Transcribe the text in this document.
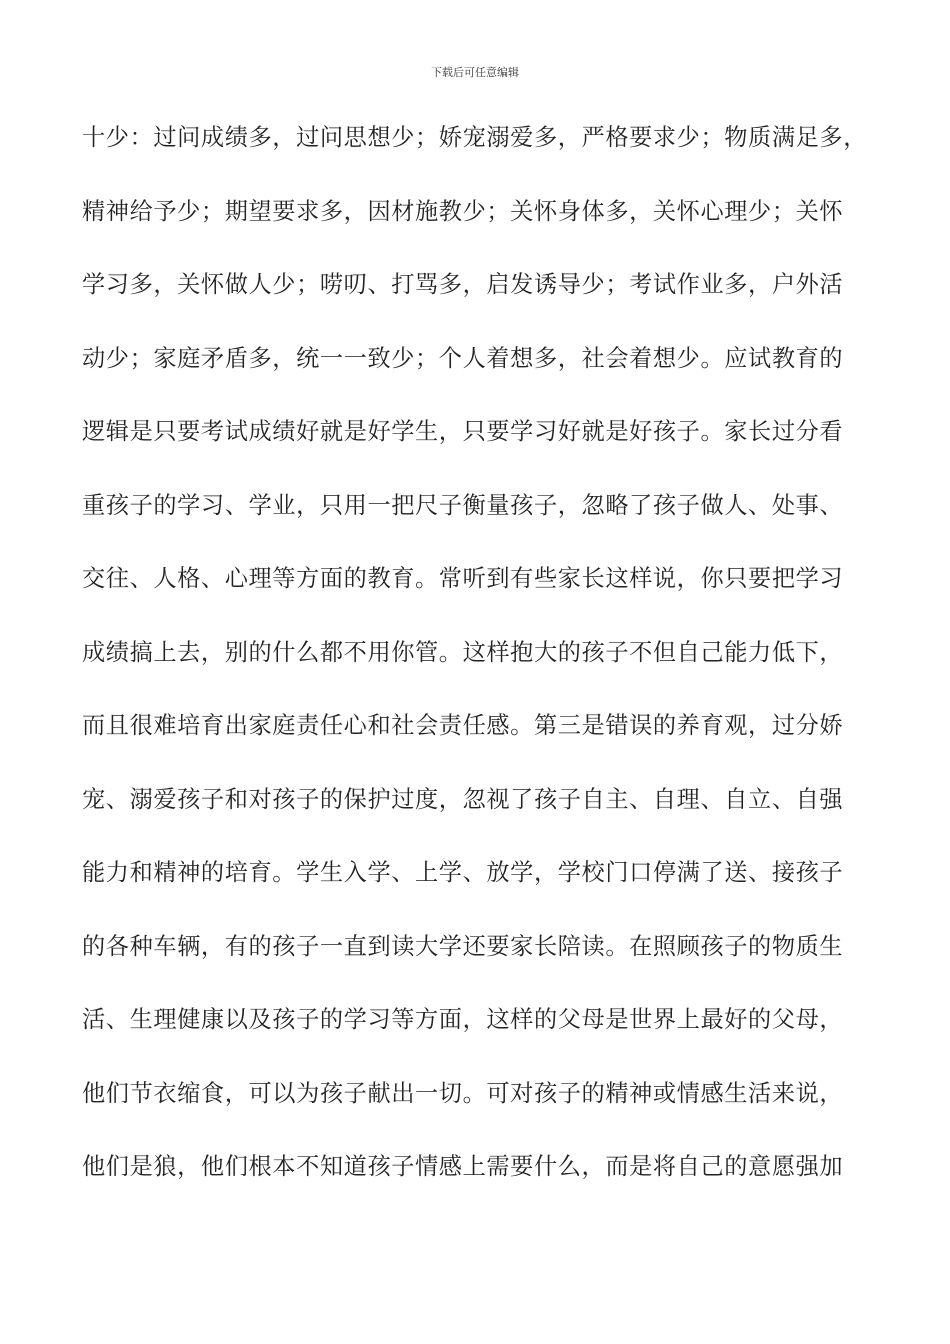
下载后可任意编辑
十少：过问成绩多，过问思想少；娇宠溺爱多，严格要求少；物质满足多，
精神给予少；期望要求多，因材施教少；关怀身体多，关怀心理少；关怀
学习多，关怀做人少；唠叨、打骂多，启发诱导少；考试作业多，户外活
动少；家庭矛盾多，统一一致少；个人着想多，社会着想少。应试教育的
逻辑是只要考试成绩好就是好学生，只要学习好就是好孩子。家长过分看
重孩子的学习、学业，只用一把尺子衡量孩子，忽略了孩子做人、处事、
交往、人格、心理等方面的教育。常听到有些家长这样说，你只要把学习
成绩搞上去，别的什么都不用你管。这样抱大的孩子不但自己能力低下，
而且很难培育出家庭责任心和社会责任感。第三是错误的养育观，过分娇
宠、溺爱孩子和对孩子的保护过度，忽视了孩子自主、自理、自立、自强
能力和精神的培育。学生入学、上学、放学，学校门口停满了送、接孩子
的各种车辆，有的孩子一直到读大学还要家长陪读。在照顾孩子的物质生
活、生理健康以及孩子的学习等方面，这样的父母是世界上最好的父母，
他们节衣缩食，可以为孩子献出一切。可对孩子的精神或情感生活来说，
他们是狼，他们根本不知道孩子情感上需要什么，而是将自己的意愿强加
